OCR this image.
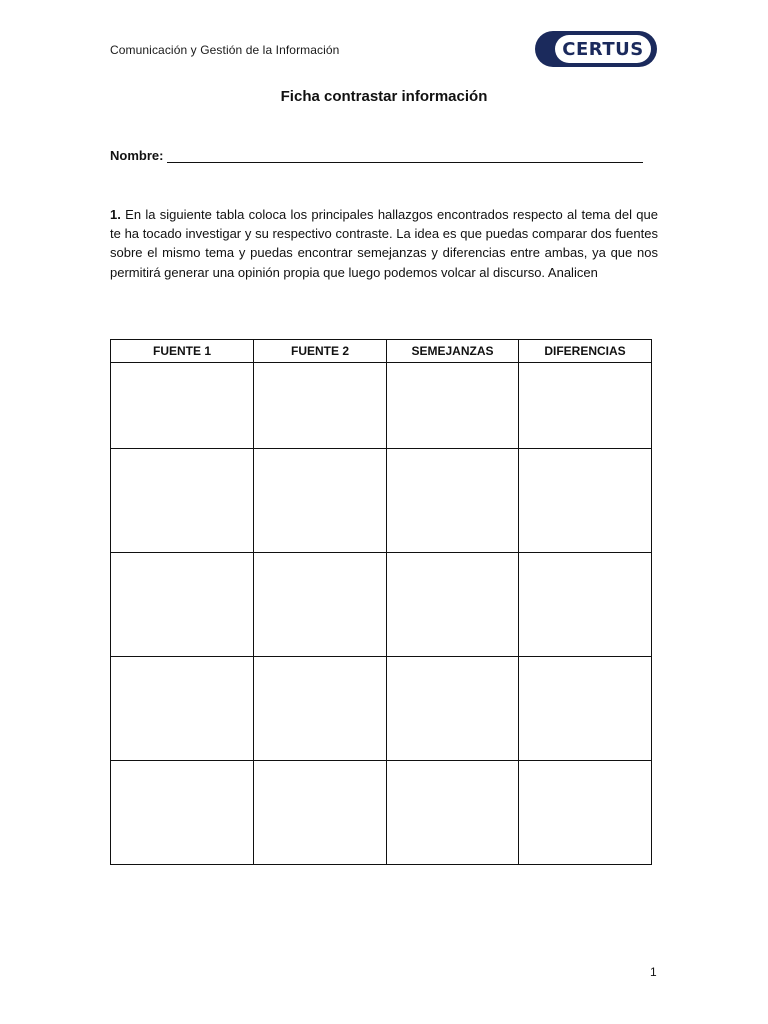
Comunicación y Gestión de la Información	CERTUS
Ficha contrastar información
Nombre:
1. En la siguiente tabla coloca los principales hallazgos encontrados respecto al tema del que te ha tocado investigar y su respectivo contraste. La idea es que puedas comparar dos fuentes sobre el mismo tema y puedas encontrar semejanzas y diferencias entre ambas, ya que nos permitirá generar una opinión propia que luego podemos volcar al discurso. Analicen
FUENTE 1	FUENTE 2	SEMEJANZAS	DIFERENCIAS

1
